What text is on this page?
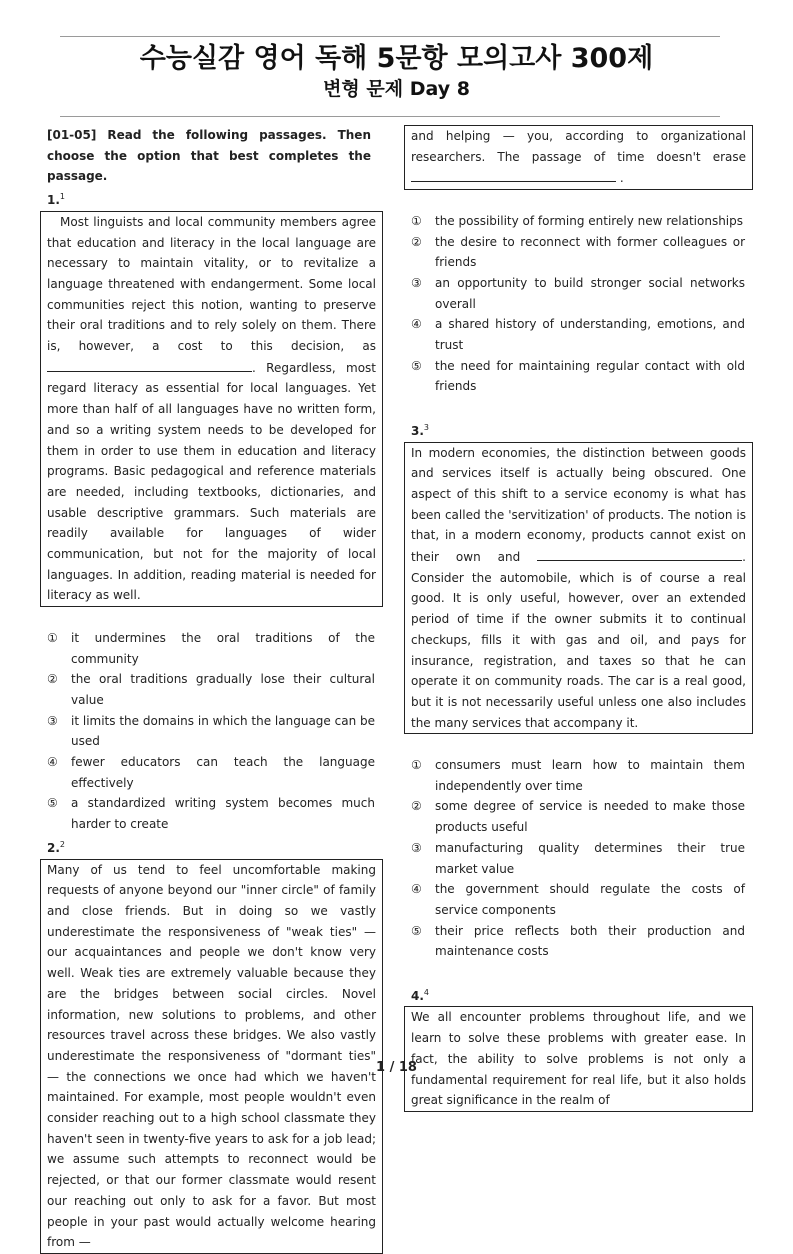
수능실감 영어 독해 5문항 모의고사 300제
변형 문제 Day 8
[01-05] Read the following passages. Then choose the option that best completes the passage.
1.$^1$

Most linguists and local community members agree that education and literacy in the local language are necessary to maintain vitality, or to revitalize a language threatened with endangerment. Some local communities reject this notion, wanting to preserve their oral traditions and to rely solely on them. There is, however, a cost to this decision, as . Regardless, most regard literacy as essential for local languages. Yet more than half of all languages have no written form, and so a writing system needs to be developed for them in order to use them in education and literacy programs. Basic pedagogical and reference materials are needed, including textbooks, dictionaries, and usable descriptive grammars. Such materials are readily available for languages of wider communication, but not for the majority of local languages. In addition, reading material is needed for literacy as well.

①	it undermines the oral traditions of the community
②	the oral traditions gradually lose their cultural value
③	it limits the domains in which the language can be used
④	fewer educators can teach the language effectively
⑤	a standardized writing system becomes much harder to create
2.$^2$

Many of us tend to feel uncomfortable making requests of anyone beyond our "inner circle" of family and close friends. But in doing so we vastly underestimate the responsiveness of "weak ties" — our acquaintances and people we don't know very well. Weak ties are extremely valuable because they are the bridges between social circles. Novel information, new solutions to problems, and other resources travel across these bridges. We also vastly underestimate the responsiveness of "dormant ties" — the connections we once had which we haven't maintained. For example, most people wouldn't even consider reaching out to a high school classmate they haven't seen in twenty-five years to ask for a job lead; we assume such attempts to reconnect would be rejected, or that our former classmate would resent our reaching out only to ask for a favor. But most people in your past would actually welcome hearing from —

and helping — you, according to organizational researchers. The passage of time doesn't erase  .

①	the possibility of forming entirely new relationships
②	the desire to reconnect with former colleagues or friends
③	an opportunity to build stronger social networks overall
④	a shared history of understanding, emotions, and trust
⑤	the need for maintaining regular contact with old friends
3.$^3$

In modern economies, the distinction between goods and services itself is actually being obscured. One aspect of this shift to a service economy is what has been called the 'servitization' of products. The notion is that, in a modern economy, products cannot exist on their own and	. Consider the automobile, which is of course a real good. It is only useful, however, over an extended period of time if the owner submits it to continual checkups, fills it with gas and oil, and pays for insurance, registration, and taxes so that he can operate it on community roads. The car is a real good, but it is not necessarily useful unless one also includes the many services that accompany it.

①	consumers must learn how to maintain them independently over time
②	some degree of service is needed to make those products useful
③	manufacturing quality determines their true market value
④	the government should regulate the costs of service components
⑤	their price reflects both their production and maintenance costs
4.$^4$

We all encounter problems throughout life, and we learn to solve these problems with greater ease. In fact, the ability to solve problems is not only a fundamental requirement for real life, but it also holds great significance in the realm of

1 / 18
